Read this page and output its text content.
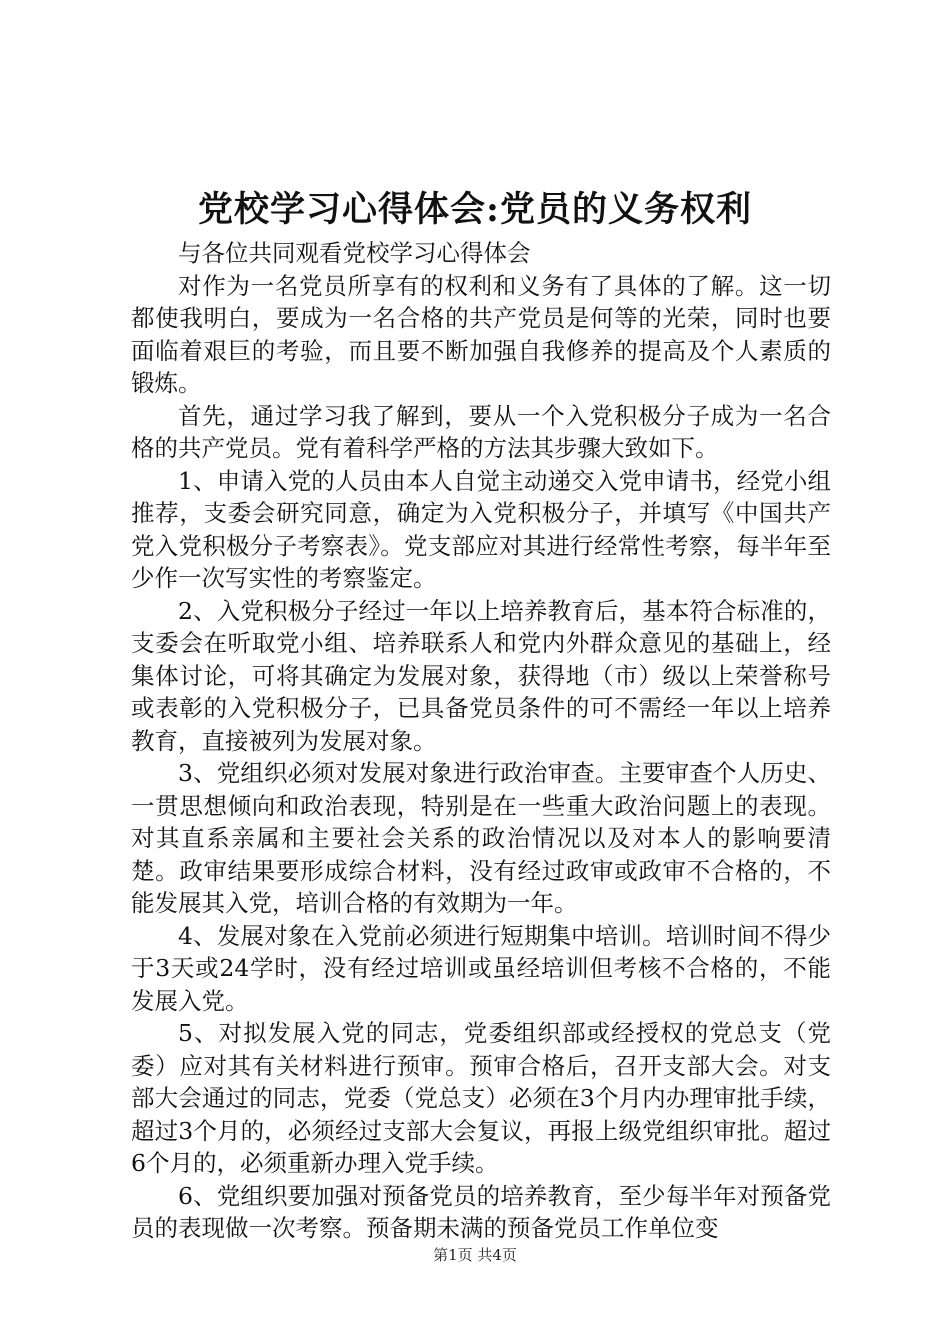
党校学习心得体会:党员的义务权利

与各位共同观看党校学习心得体会

对作为一名党员所享有的权利和义务有了具体的了解。这一切都使我明白，要成为一名合格的共产党员是何等的光荣，同时也要面临着艰巨的考验，而且要不断加强自我修养的提高及个人素质的锻炼。

首先，通过学习我了解到，要从一个入党积极分子成为一名合格的共产党员。党有着科学严格的方法其步骤大致如下。

1、申请入党的人员由本人自觉主动递交入党申请书，经党小组推荐，支委会研究同意，确定为入党积极分子，并填写《中国共产党入党积极分子考察表》。党支部应对其进行经常性考察，每半年至少作一次写实性的考察鉴定。

2、入党积极分子经过一年以上培养教育后，基本符合标准的，支委会在听取党小组、培养联系人和党内外群众意见的基础上，经集体讨论，可将其确定为发展对象，获得地（市）级以上荣誉称号或表彰的入党积极分子，已具备党员条件的可不需经一年以上培养教育，直接被列为发展对象。

3、党组织必须对发展对象进行政治审查。主要审查个人历史、一贯思想倾向和政治表现，特别是在一些重大政治问题上的表现。对其直系亲属和主要社会关系的政治情况以及对本人的影响要清楚。政审结果要形成综合材料，没有经过政审或政审不合格的，不能发展其入党，培训合格的有效期为一年。

4、发展对象在入党前必须进行短期集中培训。培训时间不得少于3天或24学时，没有经过培训或虽经培训但考核不合格的，不能发展入党。

5、对拟发展入党的同志，党委组织部或经授权的党总支（党委）应对其有关材料进行预审。预审合格后，召开支部大会。对支部大会通过的同志，党委（党总支）必须在3个月内办理审批手续，超过3个月的，必须经过支部大会复议，再报上级党组织审批。超过6个月的，必须重新办理入党手续。

6、党组织要加强对预备党员的培养教育，至少每半年对预备党员的表现做一次考察。预备期未满的预备党员工作单位变

第1页 共4页
